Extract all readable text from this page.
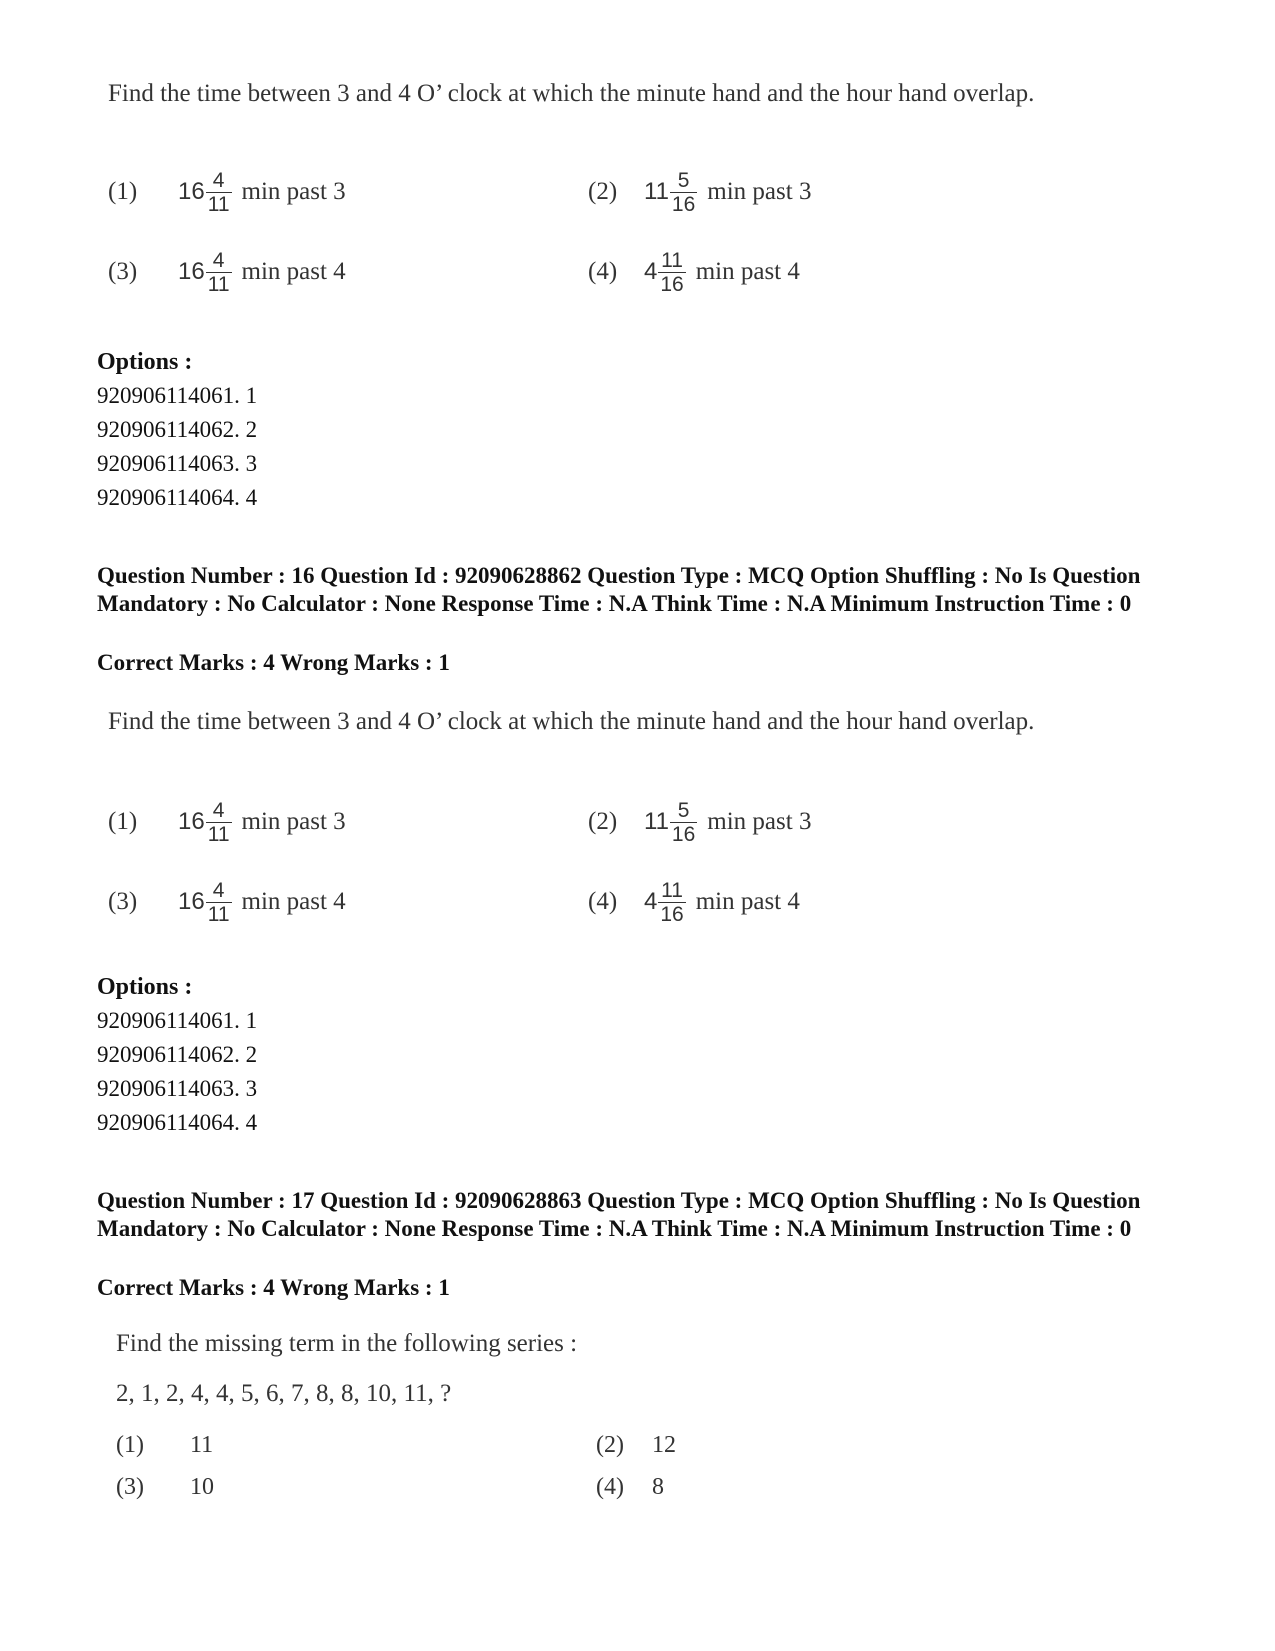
Find the time between 3 and 4 O’ clock at which the minute hand and the hour hand overlap.
(1)	$16 \frac{4}{11}$ min past 3	(2)	$11 \frac{5}{16}$ min past 3
(3)	$16 \frac{4}{11}$ min past 4	(4)	$4 \frac{11}{16}$ min past 4
Options :
920906114061. 1
920906114062. 2
920906114063. 3
920906114064. 4
Question Number : 16 Question Id : 92090628862 Question Type : MCQ Option Shuffling : No Is Question Mandatory : No Calculator : None Response Time : N.A Think Time : N.A Minimum Instruction Time : 0
Correct Marks : 4 Wrong Marks : 1
Find the time between 3 and 4 O’ clock at which the minute hand and the hour hand overlap.
(1)	$16 \frac{4}{11}$ min past 3	(2)	$11 \frac{5}{16}$ min past 3
(3)	$16 \frac{4}{11}$ min past 4	(4)	$4 \frac{11}{16}$ min past 4
Options :
920906114061. 1
920906114062. 2
920906114063. 3
920906114064. 4
Question Number : 17 Question Id : 92090628863 Question Type : MCQ Option Shuffling : No Is Question Mandatory : No Calculator : None Response Time : N.A Think Time : N.A Minimum Instruction Time : 0
Correct Marks : 4 Wrong Marks : 1
Find the missing term in the following series :
2, 1, 2, 4, 4, 5, 6, 7, 8, 8, 10, 11, ?
(1) 11	(2) 12
(3) 10	(4) 8
